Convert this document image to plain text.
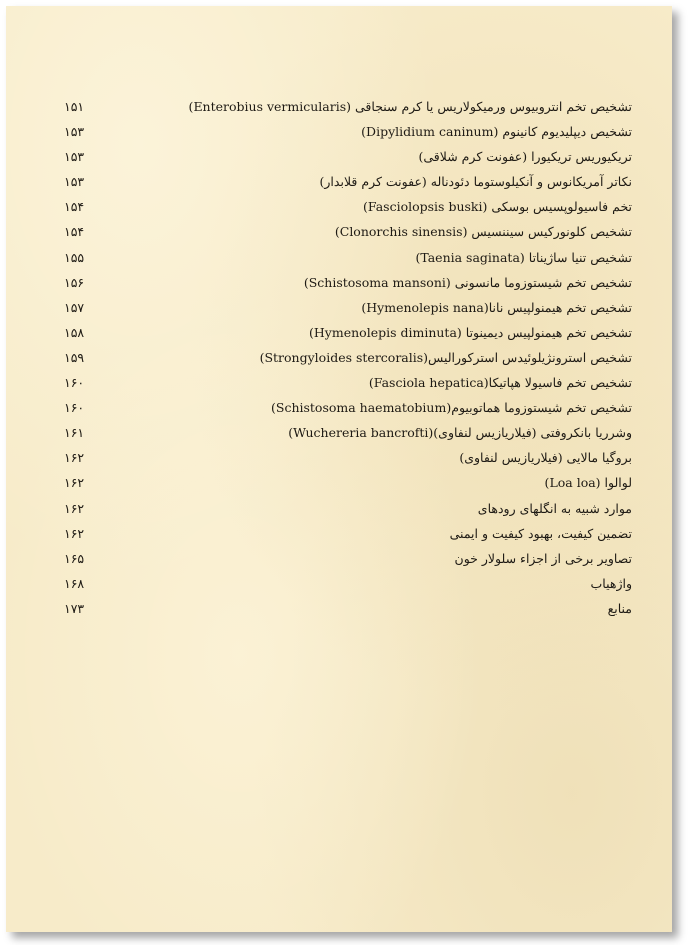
۱۵۱	تشخیص تخم انتروبیوس ورمیکولاریس یا کرم سنجاقی (Enterobius vermicularis)
۱۵۳	تشخیص دیپلیدیوم کانینوم (Dipylidium caninum)
۱۵۳	تریکیوریس تریکیورا (عفونت کرم شلاقی)
۱۵۳	نکاتر آمریکانوس و آنکیلوستوما دئودناله (عفونت کرم قلابدار)
۱۵۴	تخم فاسیولوپسیس بوسکی (Fasciolopsis buski)
۱۵۴	تشخیص کلونورکیس سیننسیس (Clonorchis sinensis)
۱۵۵	تشخیص تنیا ساژیناتا (Taenia saginata)
۱۵۶	تشخیص تخم شیستوزوما مانسونی (Schistosoma mansoni)
۱۵۷	تشخیص تخم هیمنولپیس نانا(Hymenolepis nana)
۱۵۸	تشخیص تخم هیمنولپیس دیمینوتا (Hymenolepis diminuta)
۱۵۹	تشخیص استرونژیلوئیدس استرکورالیس(Strongyloides stercoralis)
۱۶۰	تشخیص تخم فاسیولا هپاتیکا(Fasciola hepatica)
۱۶۰	تشخیص تخم شیستوزوما هماتوبیوم(Schistosoma haematobium)
۱۶۱	وشرریا بانکروفتی (فیلاریازیس لنفاوی)(Wuchereria bancrofti)
۱۶۲	بروگیا مالایی (فیلاریازیس لنفاوی)
۱۶۲	لوالوا (Loa loa)
۱۶۲	موارد شبیه به انگلهای رودهای
۱۶۲	تضمین کیفیت، بهبود کیفیت و ایمنی
۱۶۵	تصاویر برخی از اجزاء سلولار خون
۱۶۸	واژهیاب
۱۷۳	منابع
